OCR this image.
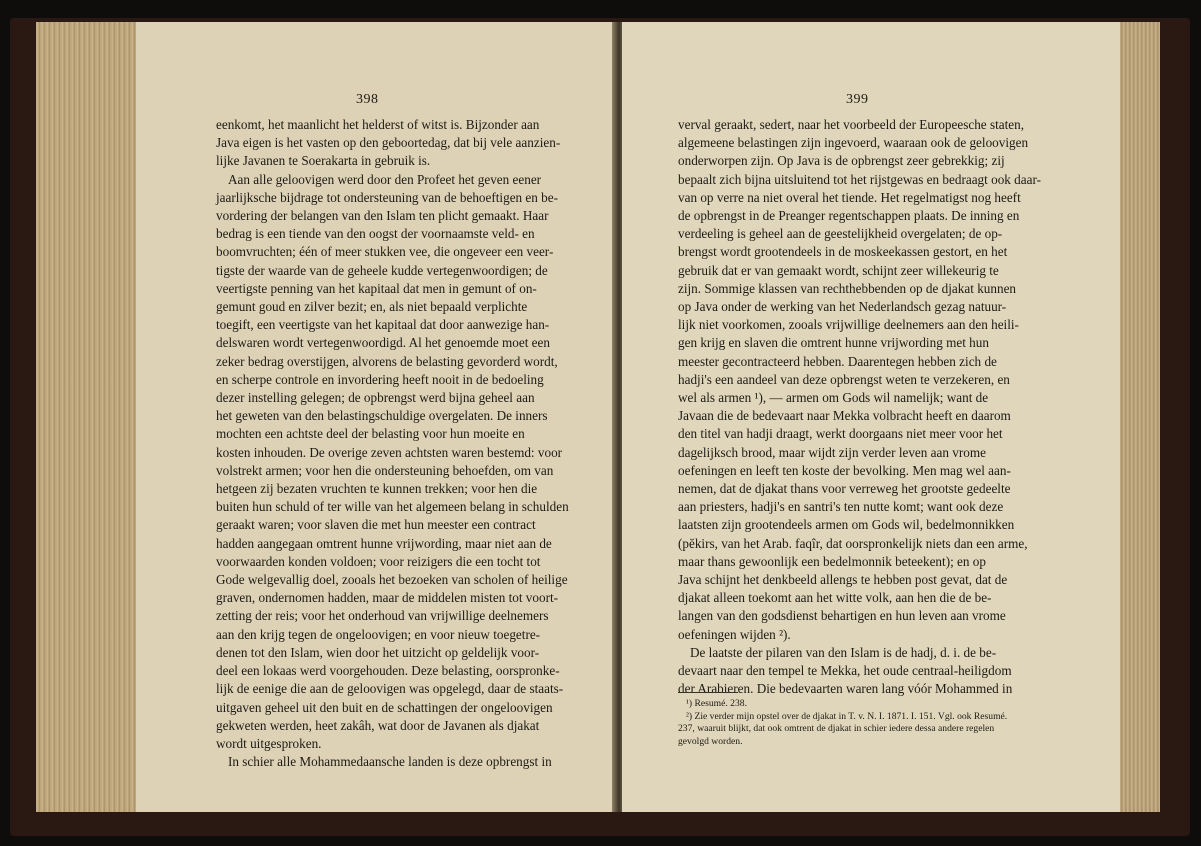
398
eenkomt, het maanlicht het helderst of witst is. Bijzonder aan
Java eigen is het vasten op den geboortedag, dat bij vele aanzien-
lijke Javanen te Soerakarta in gebruik is.
Aan alle geloovigen werd door den Profeet het geven eener
jaarlijksche bijdrage tot ondersteuning van de behoeftigen en be-
vordering der belangen van den Islam ten plicht gemaakt. Haar
bedrag is een tiende van den oogst der voornaamste veld- en
boomvruchten; één of meer stukken vee, die ongeveer een veer-
tigste der waarde van de geheele kudde vertegenwoordigen; de
veertigste penning van het kapitaal dat men in gemunt of on-
gemunt goud en zilver bezit; en, als niet bepaald verplichte
toegift, een veertigste van het kapitaal dat door aanwezige han-
delswaren wordt vertegenwoordigd. Al het genoemde moet een
zeker bedrag overstijgen, alvorens de belasting gevorderd wordt,
en scherpe controle en invordering heeft nooit in de bedoeling
dezer instelling gelegen; de opbrengst werd bijna geheel aan
het geweten van den belastingschuldige overgelaten. De inners
mochten een achtste deel der belasting voor hun moeite en
kosten inhouden. De overige zeven achtsten waren bestemd: voor
volstrekt armen; voor hen die ondersteuning behoefden, om van
hetgeen zij bezaten vruchten te kunnen trekken; voor hen die
buiten hun schuld of ter wille van het algemeen belang in schulden
geraakt waren; voor slaven die met hun meester een contract
hadden aangegaan omtrent hunne vrijwording, maar niet aan de
voorwaarden konden voldoen; voor reizigers die een tocht tot
Gode welgevallig doel, zooals het bezoeken van scholen of heilige
graven, ondernomen hadden, maar de middelen misten tot voort-
zetting der reis; voor het onderhoud van vrijwillige deelnemers
aan den krijg tegen de ongeloovigen; en voor nieuw toegetre-
denen tot den Islam, wien door het uitzicht op geldelijk voor-
deel een lokaas werd voorgehouden. Deze belasting, oorspronke-
lijk de eenige die aan de geloovigen was opgelegd, daar de staats-
uitgaven geheel uit den buit en de schattingen der ongeloovigen
gekweten werden, heet zakâh, wat door de Javanen als djakat
wordt uitgesproken.
In schier alle Mohammedaansche landen is deze opbrengst in
399
verval geraakt, sedert, naar het voorbeeld der Europeesche staten,
algemeene belastingen zijn ingevoerd, waaraan ook de geloovigen
onderworpen zijn. Op Java is de opbrengst zeer gebrekkig; zij
bepaalt zich bijna uitsluitend tot het rijstgewas en bedraagt ook daar-
van op verre na niet overal het tiende. Het regelmatigst nog heeft
de opbrengst in de Preanger regentschappen plaats. De inning en
verdeeling is geheel aan de geestelijkheid overgelaten; de op-
brengst wordt grootendeels in de moskeekassen gestort, en het
gebruik dat er van gemaakt wordt, schijnt zeer willekeurig te
zijn. Sommige klassen van rechthebbenden op de djakat kunnen
op Java onder de werking van het Nederlandsch gezag natuur-
lijk niet voorkomen, zooals vrijwillige deelnemers aan den heili-
gen krijg en slaven die omtrent hunne vrijwording met hun
meester gecontracteerd hebben. Daarentegen hebben zich de
hadji's een aandeel van deze opbrengst weten te verzekeren, en
wel als armen ¹), — armen om Gods wil namelijk; want de
Javaan die de bedevaart naar Mekka volbracht heeft en daarom
den titel van hadji draagt, werkt doorgaans niet meer voor het
dagelijksch brood, maar wijdt zijn verder leven aan vrome
oefeningen en leeft ten koste der bevolking. Men mag wel aan-
nemen, dat de djakat thans voor verreweg het grootste gedeelte
aan priesters, hadji's en santri's ten nutte komt; want ook deze
laatsten zijn grootendeels armen om Gods wil, bedelmonnikken
(pĕkirs, van het Arab. faqîr, dat oorspronkelijk niets dan een arme,
maar thans gewoonlijk een bedelmonnik beteekent); en op
Java schijnt het denkbeeld allengs te hebben post gevat, dat de
djakat alleen toekomt aan het witte volk, aan hen die de be-
langen van den godsdienst behartigen en hun leven aan vrome
oefeningen wijden ²).
De laatste der pilaren van den Islam is de hadj, d. i. de be-
devaart naar den tempel te Mekka, het oude centraal-heiligdom
der Arabieren. Die bedevaarten waren lang vóór Mohammed in
¹) Resumé. 238.
²) Zie verder mijn opstel over de djakat in T. v. N. I. 1871. I. 151. Vgl. ook Resumé.
237, waaruit blijkt, dat ook omtrent de djakat in schier iedere dessa andere regelen
gevolgd worden.
